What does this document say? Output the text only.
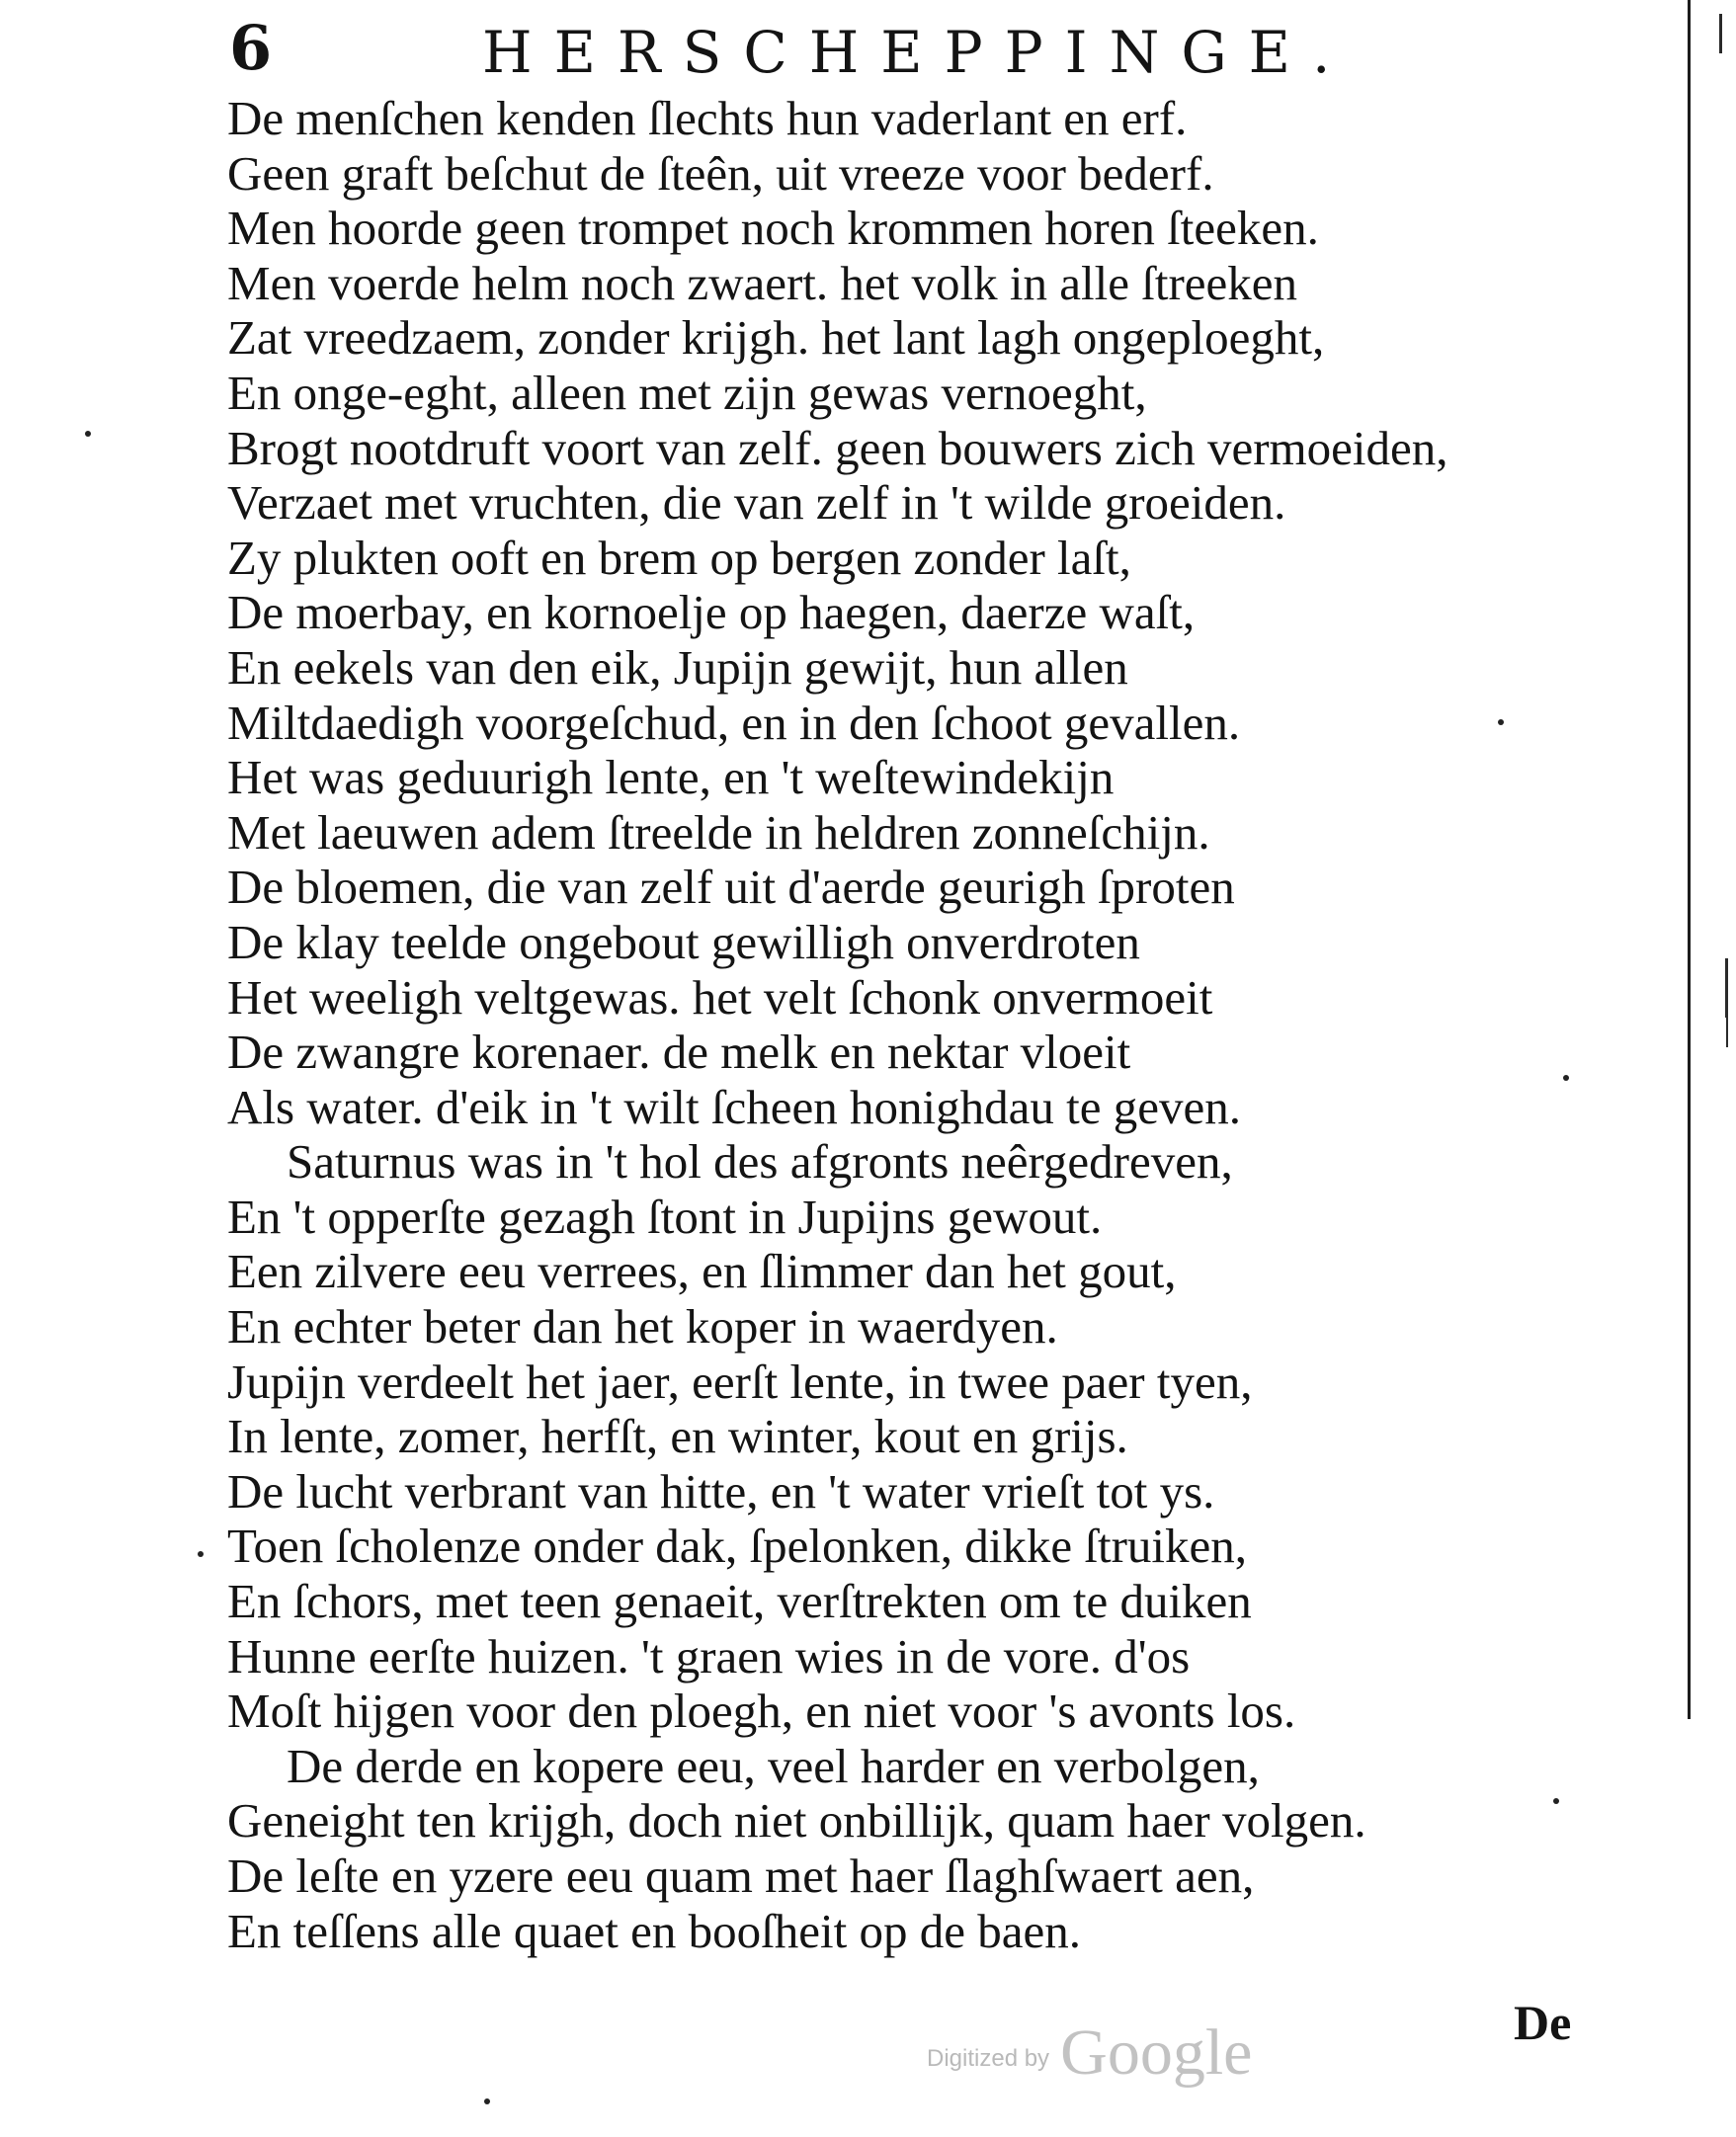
6	HERSCHEPPINGE.
De menſchen kenden ſlechts hun vaderlant en erf.
Geen graft beſchut de ſteên, uit vreeze voor bederf.
Men hoorde geen trompet noch krommen horen ſteeken.
Men voerde helm noch zwaert. het volk in alle ſtreeken
Zat vreedzaem, zonder krijgh. het lant lagh ongeploeght,
En onge-eght, alleen met zijn gewas vernoeght,
Brogt nootdruft voort van zelf. geen bouwers zich vermoeiden,
Verzaet met vruchten, die van zelf in 't wilde groeiden.
Zy plukten ooft en brem op bergen zonder laſt,
De moerbay, en kornoelje op haegen, daerze waſt,
En eekels van den eik, Jupijn gewijt, hun allen
Miltdaedigh voorgeſchud, en in den ſchoot gevallen.
Het was geduurigh lente, en 't weſtewindekijn
Met laeuwen adem ſtreelde in heldren zonneſchijn.
De bloemen, die van zelf uit d'aerde geurigh ſproten
De klay teelde ongebout gewilligh onverdroten
Het weeligh veltgewas. het velt ſchonk onvermoeit
De zwangre korenaer. de melk en nektar vloeit
Als water. d'eik in 't wilt ſcheen honighdau te geven.
Saturnus was in 't hol des afgronts neêrgedreven,
En 't opperſte gezagh ſtont in Jupijns gewout.
Een zilvere eeu verrees, en ſlimmer dan het gout,
En echter beter dan het koper in waerdyen.
Jupijn verdeelt het jaer, eerſt lente, in twee paer tyen,
In lente, zomer, herfſt, en winter, kout en grijs.
De lucht verbrant van hitte, en 't water vrieſt tot ys.
Toen ſcholenze onder dak, ſpelonken, dikke ſtruiken,
En ſchors, met teen genaeit, verſtrekten om te duiken
Hunne eerſte huizen. 't graen wies in de vore. d'os
Moſt hijgen voor den ploegh, en niet voor 's avonts los.
De derde en kopere eeu, veel harder en verbolgen,
Geneight ten krijgh, doch niet onbillijk, quam haer volgen.
De leſte en yzere eeu quam met haer ſlaghſwaert aen,
En teſſens alle quaet en booſheit op de baen.
De
Digitized by Google
